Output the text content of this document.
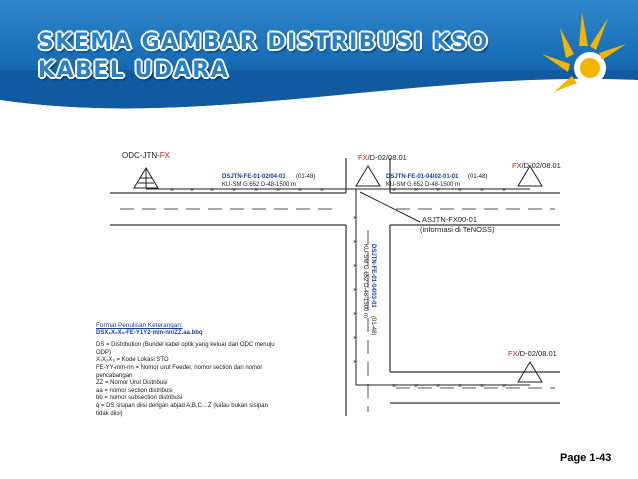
SKEMA GAMBAR DISTRIBUSI KSO
KABEL UDARA
× × ×	×	×	×	×	×	×	×	×	×	×	×
×
×
×
×
×
×
×
×	×	×	×	×	×
ODC-JTN-FX	FX/D-02/08.01
FX/D-02/08.01
FX/D-02/08.01
DSJTN-FE-01-02/04-01 (01-48)
KU-SM G.652 D-48-1500 m
DSJTN-FE-01-04/02-01-01 (01-48)
KU-SM G.652 D-48-1500 m
DSJTN-FE-01-04/03-01
(01-48)
KU-SM G.652 D-48-1500 m
ASJTN-FX00-01
(informasi di TeNOSS)
Format Penulisan Keterangan:
DSX₁X₂X₃-FE-Y1Y2-mm-nn/ZZ.aa.bbq
DS = Distribution (Bundel kabel optik yang keluar dari ODC menuju
ODP)
X₁X₂X₃ = Kode Lokasi STO
FE-YY-mm-nn = Nomor urut Feeder, nomor section dan nomor
pencabangan
ZZ = Nomor Urut Distribusi
aa = nomor section distribusi
bb = nomor subsection distribusi
q = DS sisipan diisi dengan abjad A,B,C…Z (kalau bukan sisipan
tidak diisi)
Page 1-43
